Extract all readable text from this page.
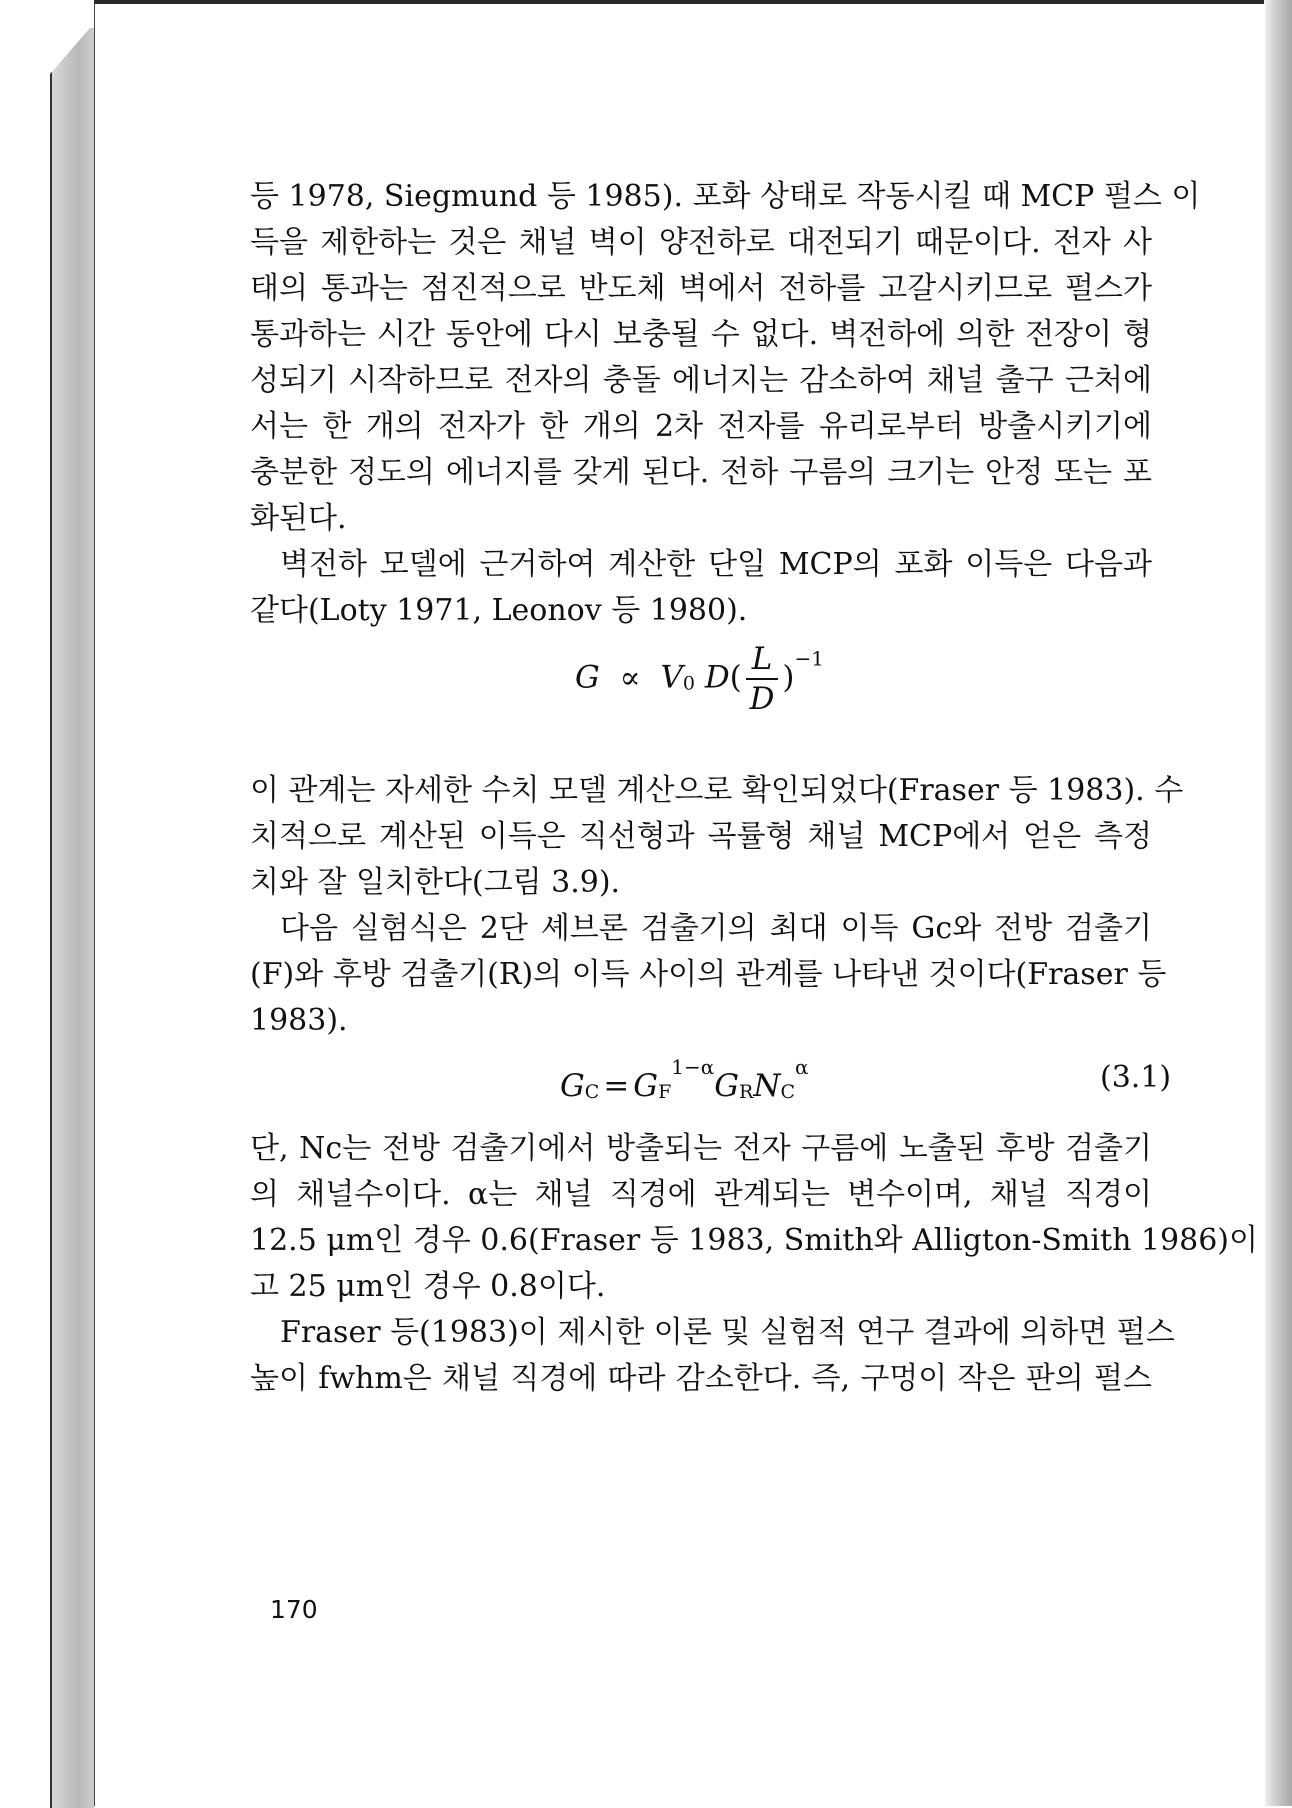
등 1978, Siegmund 등 1985). 포화 상태로 작동시킬 때 MCP 펄스 이
득을 제한하는 것은 채널 벽이 양전하로 대전되기 때문이다. 전자 사
태의 통과는 점진적으로 반도체 벽에서 전하를 고갈시키므로 펄스가
통과하는 시간 동안에 다시 보충될 수 없다. 벽전하에 의한 전장이 형
성되기 시작하므로 전자의 충돌 에너지는 감소하여 채널 출구 근처에
서는 한 개의 전자가 한 개의 2차 전자를 유리로부터 방출시키기에
충분한 정도의 에너지를 갖게 된다. 전하 구름의 크기는 안정 또는 포
화된다.
벽전하 모델에 근거하여 계산한 단일 MCP의 포화 이득은 다음과
같다(Loty 1971, Leonov 등 1980).
이 관계는 자세한 수치 모델 계산으로 확인되었다(Fraser 등 1983). 수
치적으로 계산된 이득은 직선형과 곡률형 채널 MCP에서 얻은 측정
치와 잘 일치한다(그림 3.9).
다음 실험식은 2단 셰브론 검출기의 최대 이득 Gc와 전방 검출기
(F)와 후방 검출기(R)의 이득 사이의 관계를 나타낸 것이다(Fraser 등
1983).
단, Nc는 전방 검출기에서 방출되는 전자 구름에 노출된 후방 검출기
의 채널수이다. α는 채널 직경에 관계되는 변수이며, 채널 직경이
12.5 μm인 경우 0.6(Fraser 등 1983, Smith와 Alligton-Smith 1986)이
고 25 μm인 경우 0.8이다.
Fraser 등(1983)이 제시한 이론 및 실험적 연구 결과에 의하면 펄스
높이 fwhm은 채널 직경에 따라 감소한다. 즉, 구멍이 작은 판의 펄스
G ∝ V0 $D( \frac{L}{D} )^{-1}$
GC = $GF^{1-\alpha}GRNC^\alpha$	(3.1)
170
